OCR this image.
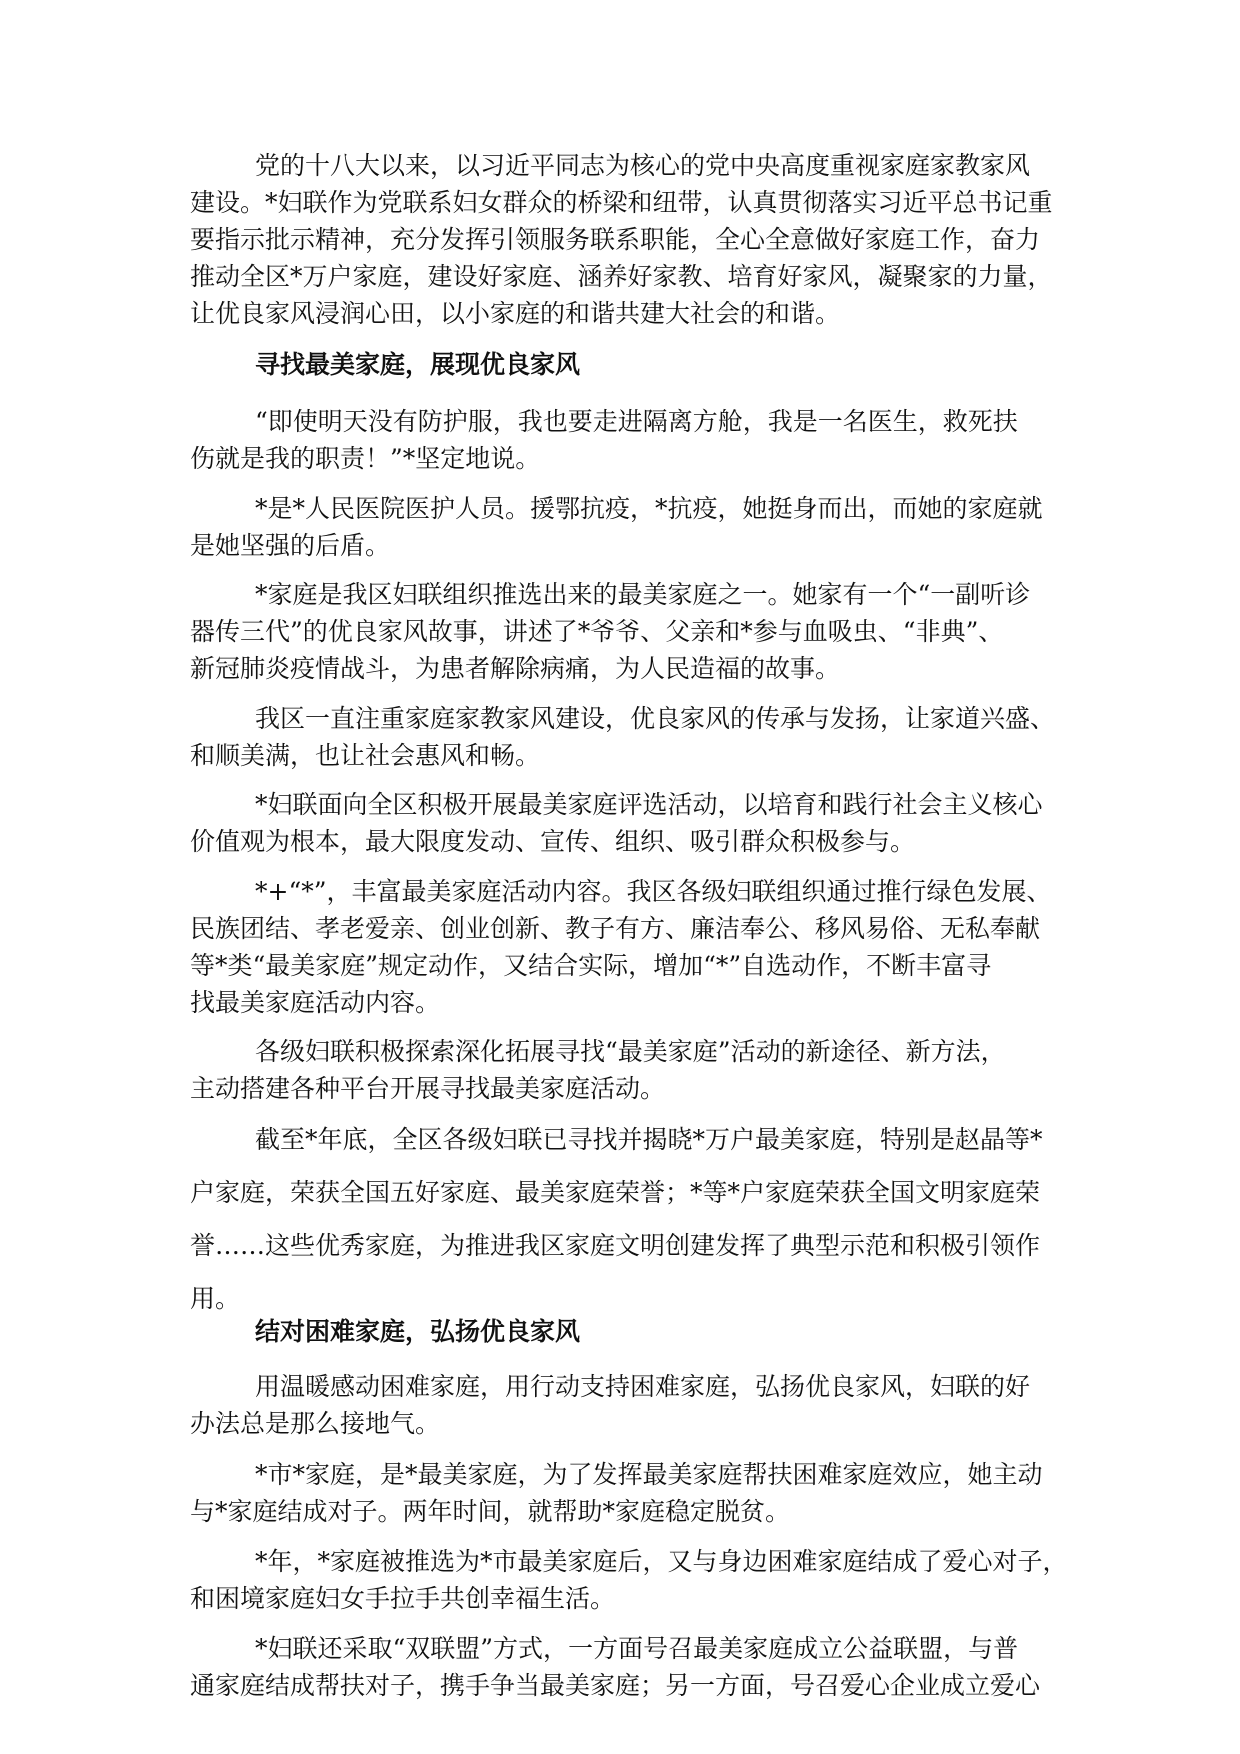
党的十八大以来，以习近平同志为核心的党中央高度重视家庭家教家风
建设。*妇联作为党联系妇女群众的桥梁和纽带，认真贯彻落实习近平总书记重
要指示批示精神，充分发挥引领服务联系职能，全心全意做好家庭工作，奋力
推动全区*万户家庭，建设好家庭、涵养好家教、培育好家风，凝聚家的力量，
让优良家风浸润心田，以小家庭的和谐共建大社会的和谐。

寻找最美家庭，展现优良家风

“即使明天没有防护服，我也要走进隔离方舱，我是一名医生，救死扶
伤就是我的职责！”*坚定地说。

*是*人民医院医护人员。援鄂抗疫，*抗疫，她挺身而出，而她的家庭就
是她坚强的后盾。

*家庭是我区妇联组织推选出来的最美家庭之一。她家有一个“一副听诊
器传三代”的优良家风故事，讲述了*爷爷、父亲和*参与血吸虫、“非典”、
新冠肺炎疫情战斗，为患者解除病痛，为人民造福的故事。

我区一直注重家庭家教家风建设，优良家风的传承与发扬，让家道兴盛、
和顺美满，也让社会惠风和畅。

*妇联面向全区积极开展最美家庭评选活动，以培育和践行社会主义核心
价值观为根本，最大限度发动、宣传、组织、吸引群众积极参与。

*+“*”，丰富最美家庭活动内容。我区各级妇联组织通过推行绿色发展、
民族团结、孝老爱亲、创业创新、教子有方、廉洁奉公、移风易俗、无私奉献
等*类“最美家庭”规定动作，又结合实际，增加“*”自选动作，不断丰富寻
找最美家庭活动内容。

各级妇联积极探索深化拓展寻找“最美家庭”活动的新途径、新方法，
主动搭建各种平台开展寻找最美家庭活动。

截至*年底，全区各级妇联已寻找并揭晓*万户最美家庭，特别是赵晶等*
户家庭，荣获全国五好家庭、最美家庭荣誉；*等*户家庭荣获全国文明家庭荣
誉……这些优秀家庭，为推进我区家庭文明创建发挥了典型示范和积极引领作
用。

结对困难家庭，弘扬优良家风

用温暖感动困难家庭，用行动支持困难家庭，弘扬优良家风，妇联的好
办法总是那么接地气。

*市*家庭，是*最美家庭，为了发挥最美家庭帮扶困难家庭效应，她主动
与*家庭结成对子。两年时间，就帮助*家庭稳定脱贫。

*年，*家庭被推选为*市最美家庭后，又与身边困难家庭结成了爱心对子，
和困境家庭妇女手拉手共创幸福生活。

*妇联还采取“双联盟”方式，一方面号召最美家庭成立公益联盟，与普
通家庭结成帮扶对子，携手争当最美家庭；另一方面，号召爱心企业成立爱心
